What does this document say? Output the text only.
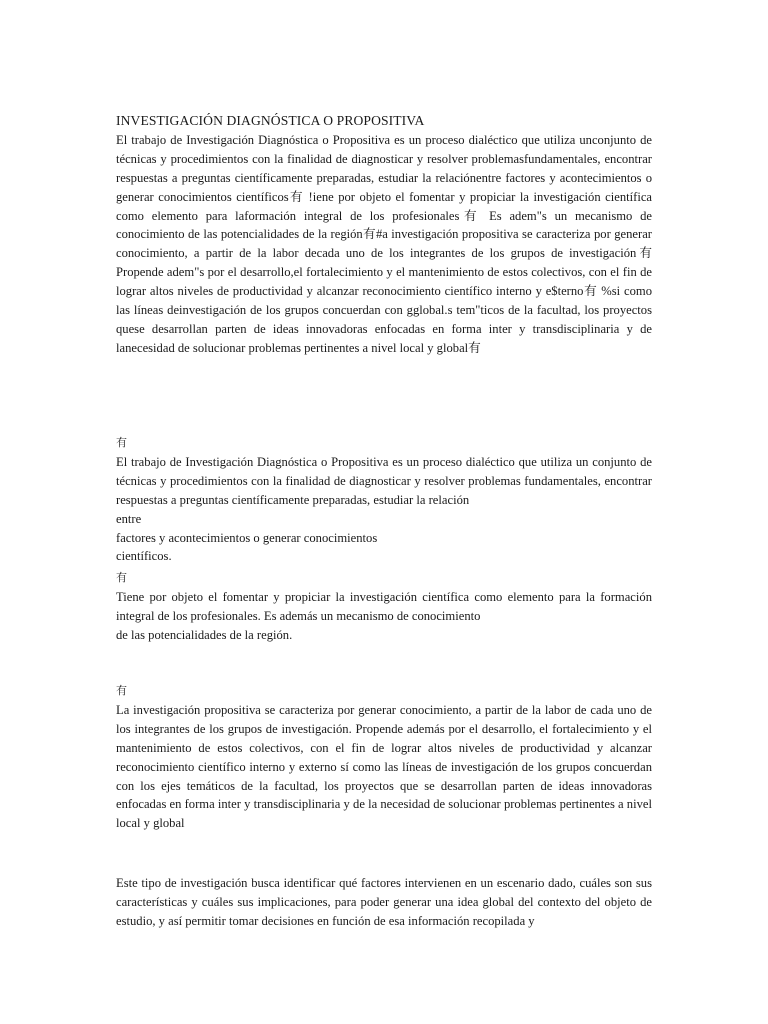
INVESTIGACIÓN DIAGNÓSTICA O PROPOSITIVA

El trabajo de Investigación Diagnóstica o Propositiva es un proceso dialéctico que utiliza unconjunto de técnicas y procedimientos con la finalidad de diagnosticar y resolver problemasfundamentales, encontrar respuestas a preguntas científicamente preparadas, estudiar la relaciónentre factores y acontecimientos o generar conocimientos científicos有 !iene por objeto el fomentar y propiciar la investigación científica como elemento para laformación integral de los profesionales有 Es adem"s un mecanismo de conocimiento de las potencialidades de la región有#a investigación propositiva se caracteriza por generar conocimiento, a partir de la labor decada uno de los integrantes de los grupos de investigación有 Propende adem"s por el desarrollo,el fortalecimiento y el mantenimiento de estos colectivos, con el fin de lograr altos niveles de productividad y alcanzar reconocimiento científico interno y e$terno有 %si como las líneas deinvestigación de los grupos concuerdan con gglobal.s tem"ticos de la facultad, los proyectos quese desarrollan parten de ideas innovadoras enfocadas en forma inter y transdisciplinaria y de lanecesidad de solucionar problemas pertinentes a nivel local y global有

有

El trabajo de Investigación Diagnóstica o Propositiva es un proceso dialéctico que utiliza un conjunto de técnicas y procedimientos con la finalidad de diagnosticar y resolver problemas fundamentales, encontrar respuestas a preguntas científicamente preparadas, estudiar la relación

entre
factores y acontecimientos o generar conocimientos
científicos.
有

Tiene por objeto el fomentar y propiciar la investigación científica como elemento para la formación integral de los profesionales. Es además un mecanismo de conocimiento

de las potencialidades de la región.
有

La investigación propositiva se caracteriza por generar conocimiento, a partir de la labor de cada uno de los integrantes de los grupos de investigación. Propende además por el desarrollo, el fortalecimiento y el mantenimiento de estos colectivos, con el fin de lograr altos niveles de productividad y alcanzar reconocimiento científico interno y externo sí como las líneas de investigación de los grupos concuerdan con los ejes temáticos de la facultad, los proyectos que se desarrollan parten de ideas innovadoras enfocadas en forma inter y transdisciplinaria y de la necesidad de solucionar problemas pertinentes a nivel local y global

Este tipo de investigación busca identificar qué factores intervienen en un escenario dado, cuáles son sus características y cuáles sus implicaciones, para poder generar una idea global del contexto del objeto de estudio, y así permitir tomar decisiones en función de esa información recopilada y
